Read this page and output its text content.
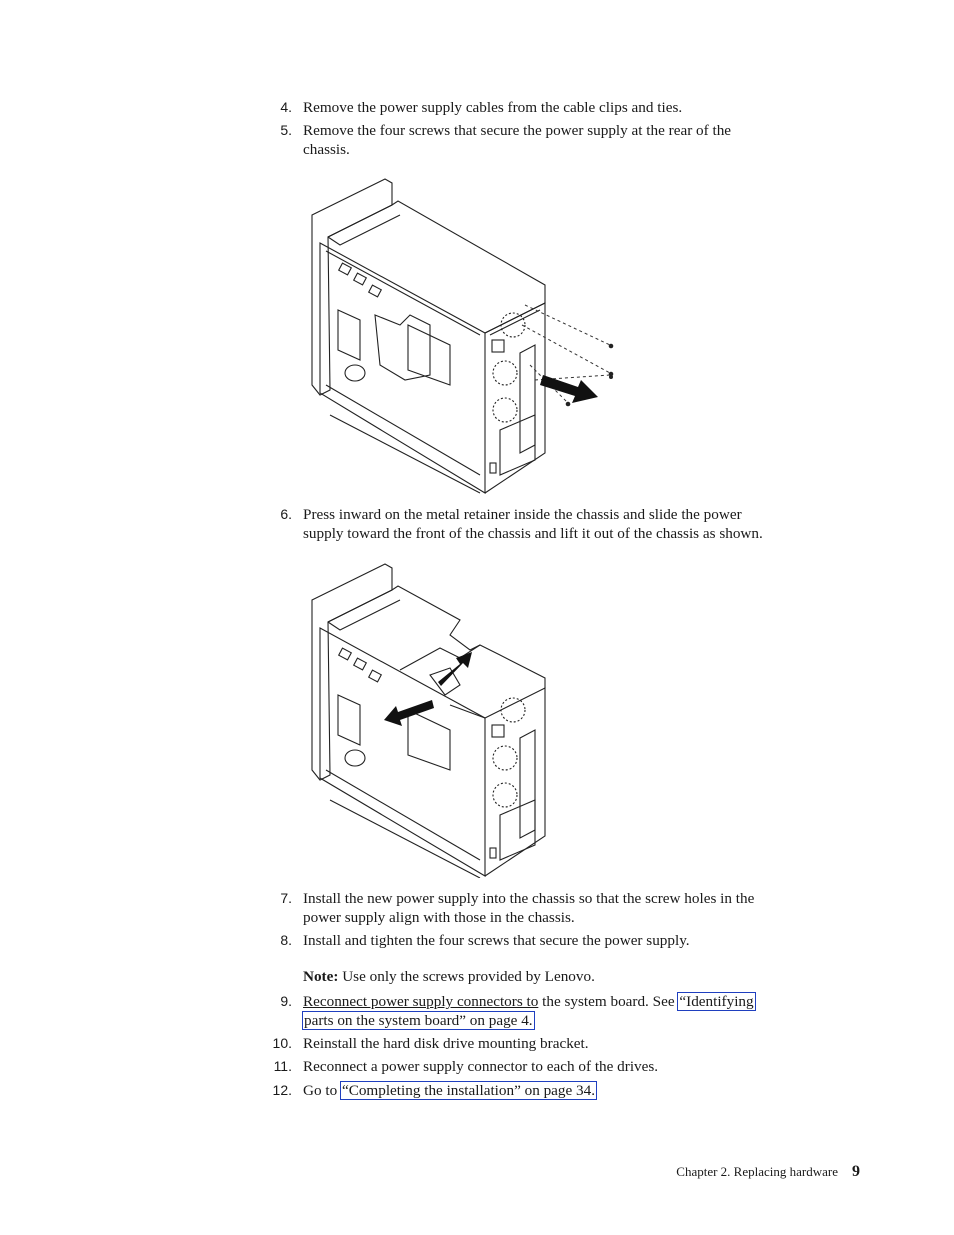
4. Remove the power supply cables from the cable clips and ties.
5. Remove the four screws that secure the power supply at the rear of the
chassis.
6. Press inward on the metal retainer inside the chassis and slide the power
supply toward the front of the chassis and lift it out of the chassis as shown.
7. Install the new power supply into the chassis so that the screw holes in the
power supply align with those in the chassis.
8. Install and tighten the four screws that secure the power supply.
Note: Use only the screws provided by Lenovo.
9. Reconnect power supply connectors to the system board. See “Identifying
parts on the system board” on page 4.
10. Reinstall the hard disk drive mounting bracket.
11. Reconnect a power supply connector to each of the drives.
12. Go to “Completing the installation” on page 34.
Chapter 2. Replacing hardware 9
